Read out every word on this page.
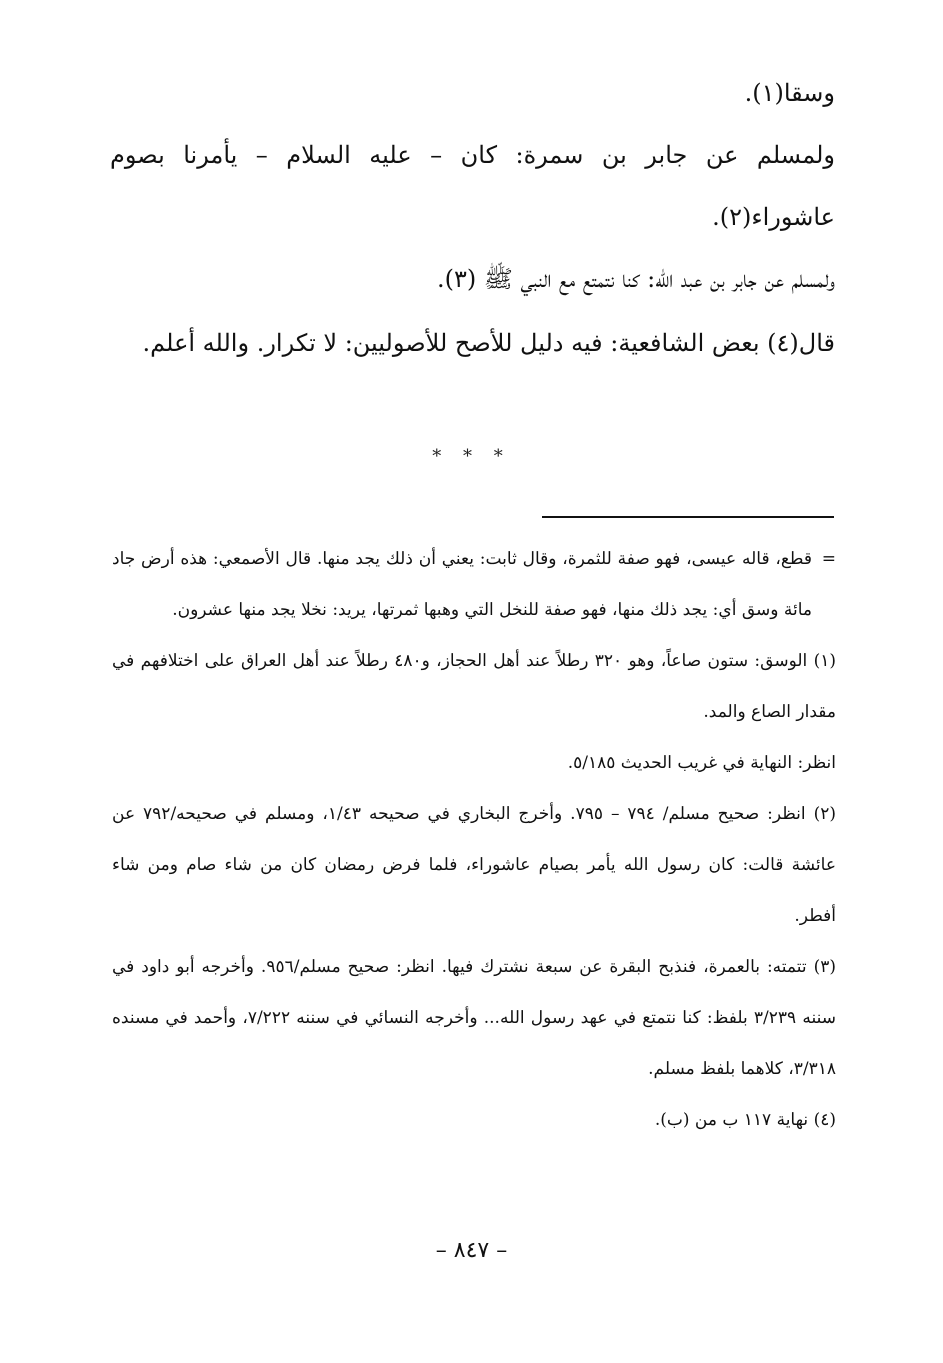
وسقا(١).

ولمسلم عن جابر بن سمرة: كان – عليه السلام – يأمرنا بصوم عاشوراء(٢).

ولمسلم عن جابر بن عبد الله: كنا نتمتع مع النبي ﷺ (٣).

قال(٤) بعض الشافعية: فيه دليل للأصح للأصوليين: لا تكرار. والله أعلم.

* * *
=

قطع، قاله عيسى، فهو صفة للثمرة، وقال ثابت: يعني أن ذلك يجد منها. قال الأصمعي: هذه أرض جاد مائة وسق أي: يجد ذلك منها، فهو صفة للنخل التي وهبها ثمرتها، يريد: نخلا يجد منها عشرون.

(١) الوسق: ستون صاعاً، وهو ٣٢٠ رطلاً عند أهل الحجاز، و٤٨٠ رطلاً عند أهل العراق على اختلافهم في مقدار الصاع والمد.

انظر: النهاية في غريب الحديث ٥/١٨٥.

(٢) انظر: صحيح مسلم/ ٧٩٤ – ٧٩٥. وأخرج البخاري في صحيحه ١/٤٣، ومسلم في صحيحه/٧٩٢ عن عائشة قالت: كان رسول الله يأمر بصيام عاشوراء، فلما فرض رمضان كان من شاء صام ومن شاء أفطر.

(٣) تتمته: بالعمرة، فنذبح البقرة عن سبعة نشترك فيها. انظر: صحيح مسلم/٩٥٦. وأخرجه أبو داود في سننه ٣/٢٣٩ بلفظ: كنا نتمتع في عهد رسول الله... وأخرجه النسائي في سننه ٧/٢٢٢، وأحمد في مسنده ٣/٣١٨، كلاهما بلفظ مسلم.

(٤) نهاية ١١٧ ب من (ب).

– ٨٤٧ –
